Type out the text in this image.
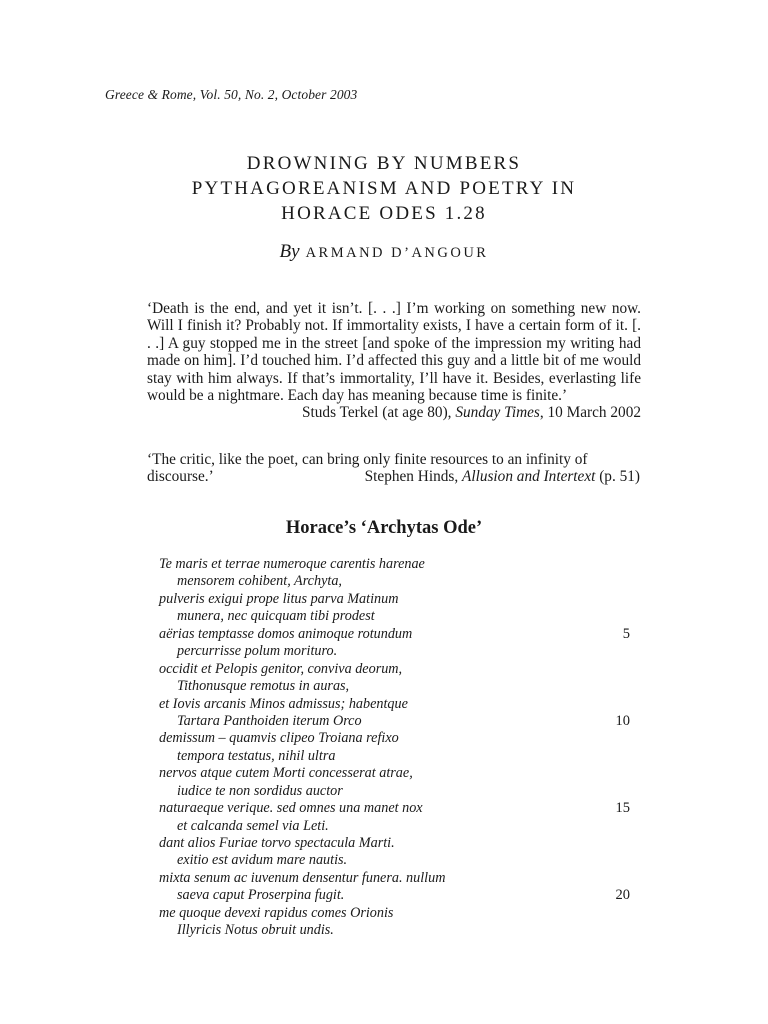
Greece & Rome, Vol. 50, No. 2, October 2003
DROWNING BY NUMBERS
PYTHAGOREANISM AND POETRY IN
HORACE ODES 1.28
By ARMAND D’ANGOUR
‘Death is the end, and yet it isn’t. [. . .] I’m working on something new now. Will I finish it? Probably not. If immortality exists, I have a certain form of it. [. . .] A guy stopped me in the street [and spoke of the impression my writing had made on him]. I’d touched him. I’d affected this guy and a little bit of me would stay with him always. If that’s immortality, I’ll have it. Besides, everlasting life would be a nightmare. Each day has meaning because time is finite.’
Studs Terkel (at age 80), Sunday Times, 10 March 2002
‘The critic, like the poet, can bring only finite resources to an infinity of
discourse.’	Stephen Hinds, Allusion and Intertext (p. 51)
Horace’s ‘Archytas Ode’
Te maris et terrae numeroque carentis harenae
mensorem cohibent, Archyta,
pulveris exigui prope litus parva Matinum
munera, nec quicquam tibi prodest
aërias temptasse domos animoque rotundum	5
percurrisse polum morituro.
occidit et Pelopis genitor, conviva deorum,
Tithonusque remotus in auras,
et Iovis arcanis Minos admissus; habentque
Tartara Panthoiden iterum Orco	10
demissum – quamvis clipeo Troiana refixo
tempora testatus, nihil ultra
nervos atque cutem Morti concesserat atrae,
iudice te non sordidus auctor
naturaeque verique. sed omnes una manet nox	15
et calcanda semel via Leti.
dant alios Furiae torvo spectacula Marti.
exitio est avidum mare nautis.
mixta senum ac iuvenum densentur funera. nullum
saeva caput Proserpina fugit.	20
me quoque devexi rapidus comes Orionis
Illyricis Notus obruit undis.
